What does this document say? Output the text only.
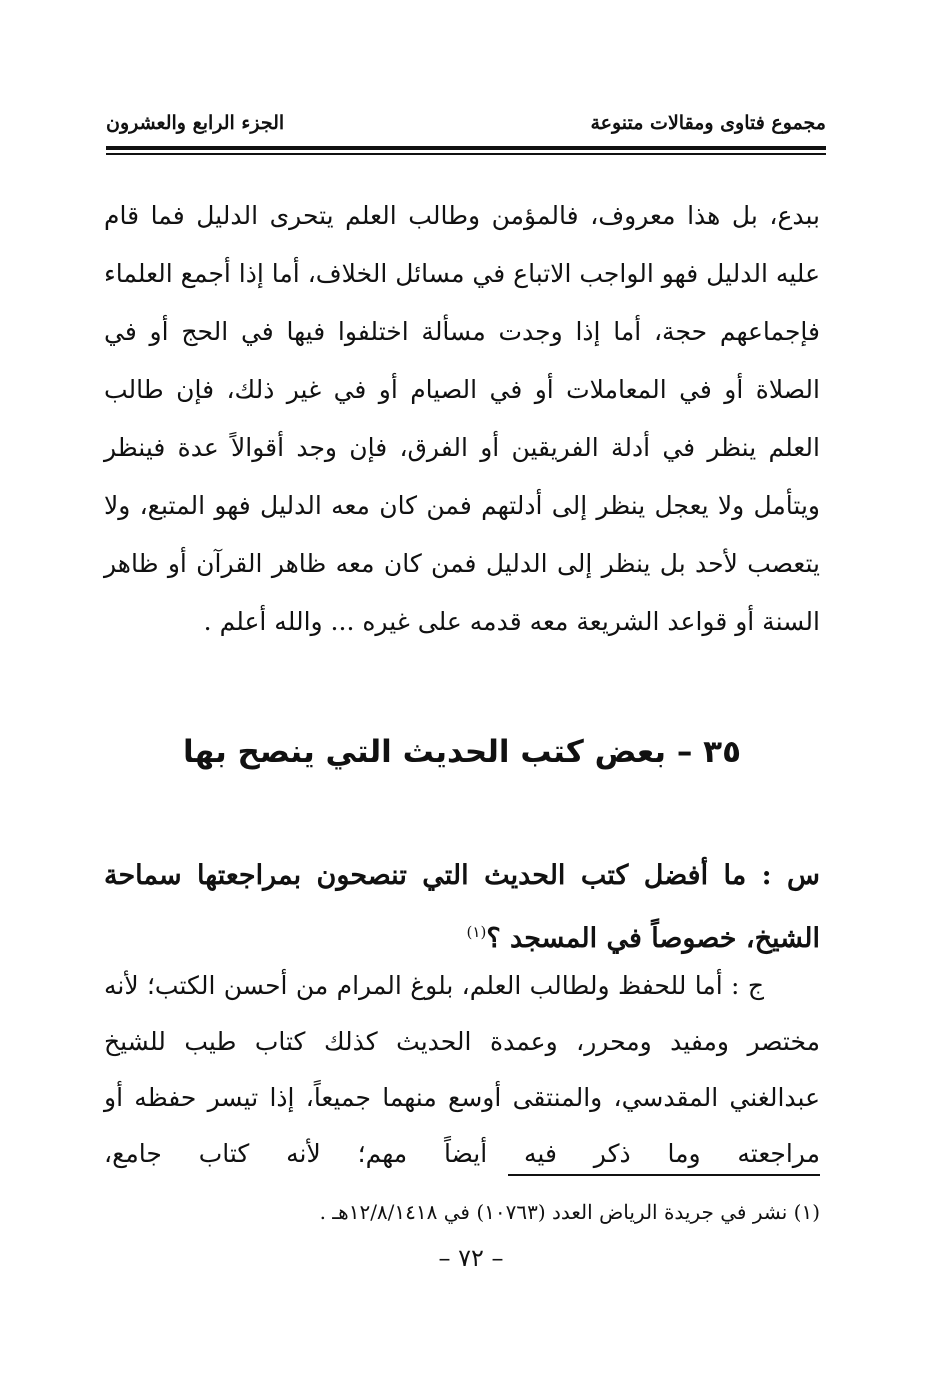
مجموع فتاوى ومقالات متنوعة
الجزء الرابع والعشرون
ببدع، بل هذا معروف، فالمؤمن وطالب العلم يتحرى الدليل فما قام عليه الدليل فهو الواجب الاتباع في مسائل الخلاف، أما إذا أجمع العلماء فإجماعهم حجة، أما إذا وجدت مسألة اختلفوا فيها في الحج أو في الصلاة أو في المعاملات أو في الصيام أو في غير ذلك، فإن طالب العلم ينظر في أدلة الفريقين أو الفرق، فإن وجد أقوالاً عدة فينظر ويتأمل ولا يعجل ينظر إلى أدلتهم فمن كان معه الدليل فهو المتبع، ولا يتعصب لأحد بل ينظر إلى الدليل فمن كان معه ظاهر القرآن أو ظاهر السنة أو قواعد الشريعة معه قدمه على غيره ... والله أعلم .
٣٥ – بعض كتب الحديث التي ينصح بها
س : ما أفضل كتب الحديث التي تنصحون بمراجعتها سماحة الشيخ، خصوصاً في المسجد ؟$^{(١)}$

ج : أما للحفظ ولطالب العلم، بلوغ المرام من أحسن الكتب؛ لأنه مختصر ومفيد ومحرر، وعمدة الحديث كذلك كتاب طيب للشيخ عبدالغني المقدسي، والمنتقى أوسع منهما جميعاً، إذا تيسر حفظه أو مراجعته وما ذكر فيه أيضاً مهم؛ لأنه كتاب جامع،

(١) نشر في جريدة الرياض العدد (١٠٧٦٣) في ١٢/٨/١٤١٨هـ .
– ٧٢ –
